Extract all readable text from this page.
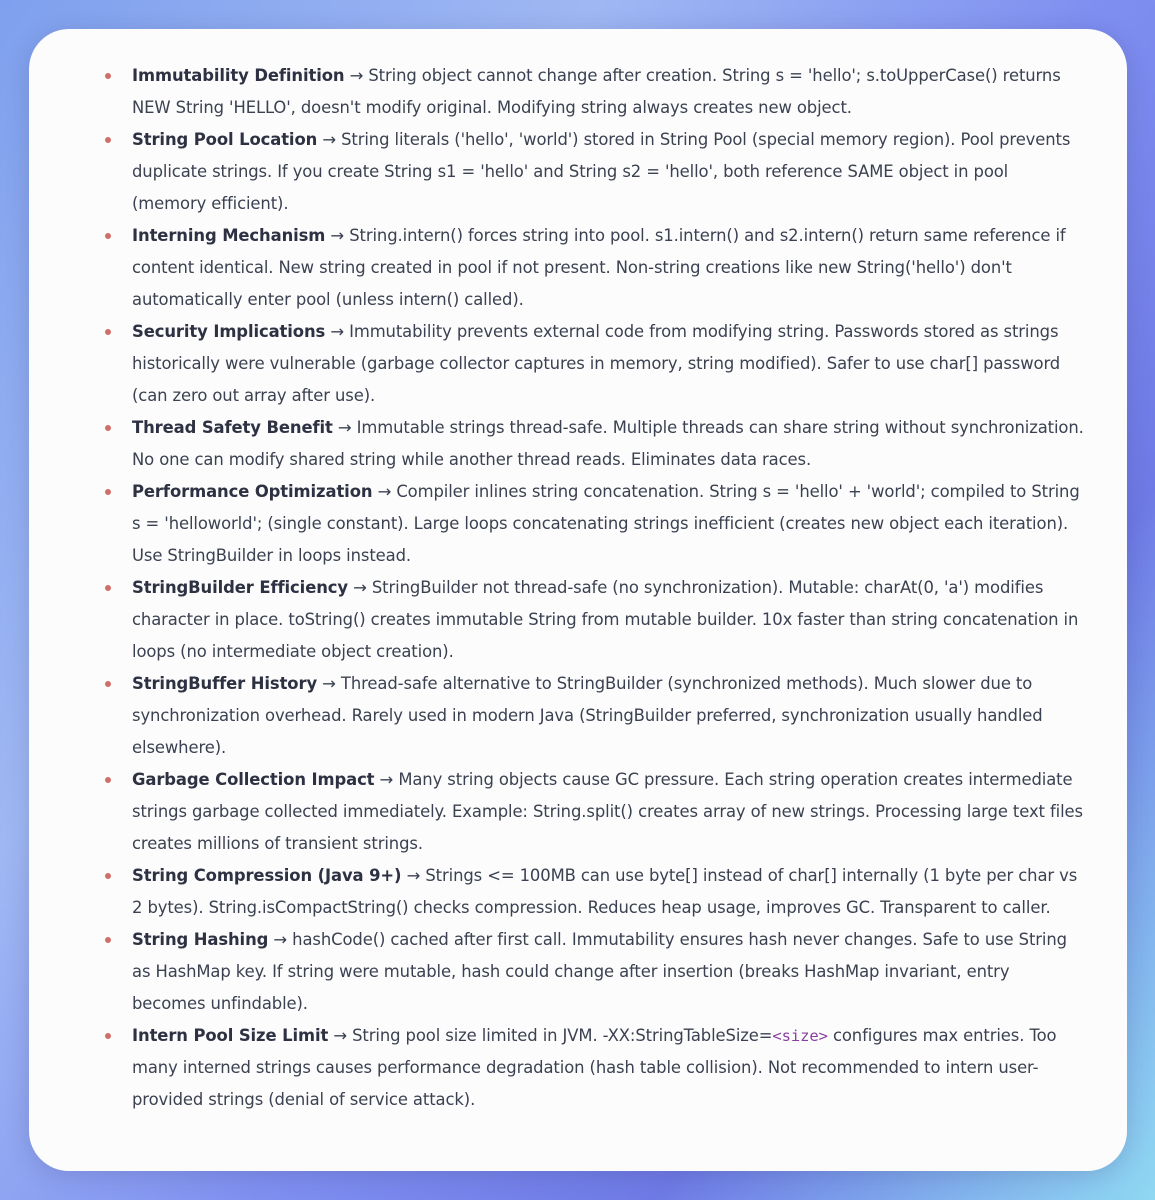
Immutability Definition → String object cannot change after creation. String s = 'hello'; s.toUpperCase() returns NEW String 'HELLO', doesn't modify original. Modifying string always creates new object.
String Pool Location → String literals ('hello', 'world') stored in String Pool (special memory region). Pool prevents duplicate strings. If you create String s1 = 'hello' and String s2 = 'hello', both reference SAME object in pool (memory efficient).
Interning Mechanism → String.intern() forces string into pool. s1.intern() and s2.intern() return same reference if content identical. New string created in pool if not present. Non-string creations like new String('hello') don't automatically enter pool (unless intern() called).
Security Implications → Immutability prevents external code from modifying string. Passwords stored as strings historically were vulnerable (garbage collector captures in memory, string modified). Safer to use char[] password (can zero out array after use).
Thread Safety Benefit → Immutable strings thread-safe. Multiple threads can share string without synchronization. No one can modify shared string while another thread reads. Eliminates data races.
Performance Optimization → Compiler inlines string concatenation. String s = 'hello' + 'world'; compiled to String s = 'helloworld'; (single constant). Large loops concatenating strings inefficient (creates new object each iteration). Use StringBuilder in loops instead.
StringBuilder Efficiency → StringBuilder not thread-safe (no synchronization). Mutable: charAt(0, 'a') modifies character in place. toString() creates immutable String from mutable builder. 10x faster than string concatenation in loops (no intermediate object creation).
StringBuffer History → Thread-safe alternative to StringBuilder (synchronized methods). Much slower due to synchronization overhead. Rarely used in modern Java (StringBuilder preferred, synchronization usually handled elsewhere).
Garbage Collection Impact → Many string objects cause GC pressure. Each string operation creates intermediate strings garbage collected immediately. Example: String.split() creates array of new strings. Processing large text files creates millions of transient strings.
String Compression (Java 9+) → Strings <= 100MB can use byte[] instead of char[] internally (1 byte per char vs 2 bytes). String.isCompactString() checks compression. Reduces heap usage, improves GC. Transparent to caller.
String Hashing → hashCode() cached after first call. Immutability ensures hash never changes. Safe to use String as HashMap key. If string were mutable, hash could change after insertion (breaks HashMap invariant, entry becomes unfindable).
Intern Pool Size Limit → String pool size limited in JVM. -XX:StringTableSize=<size> configures max entries. Too many interned strings causes performance degradation (hash table collision). Not recommended to intern user-provided strings (denial of service attack).
